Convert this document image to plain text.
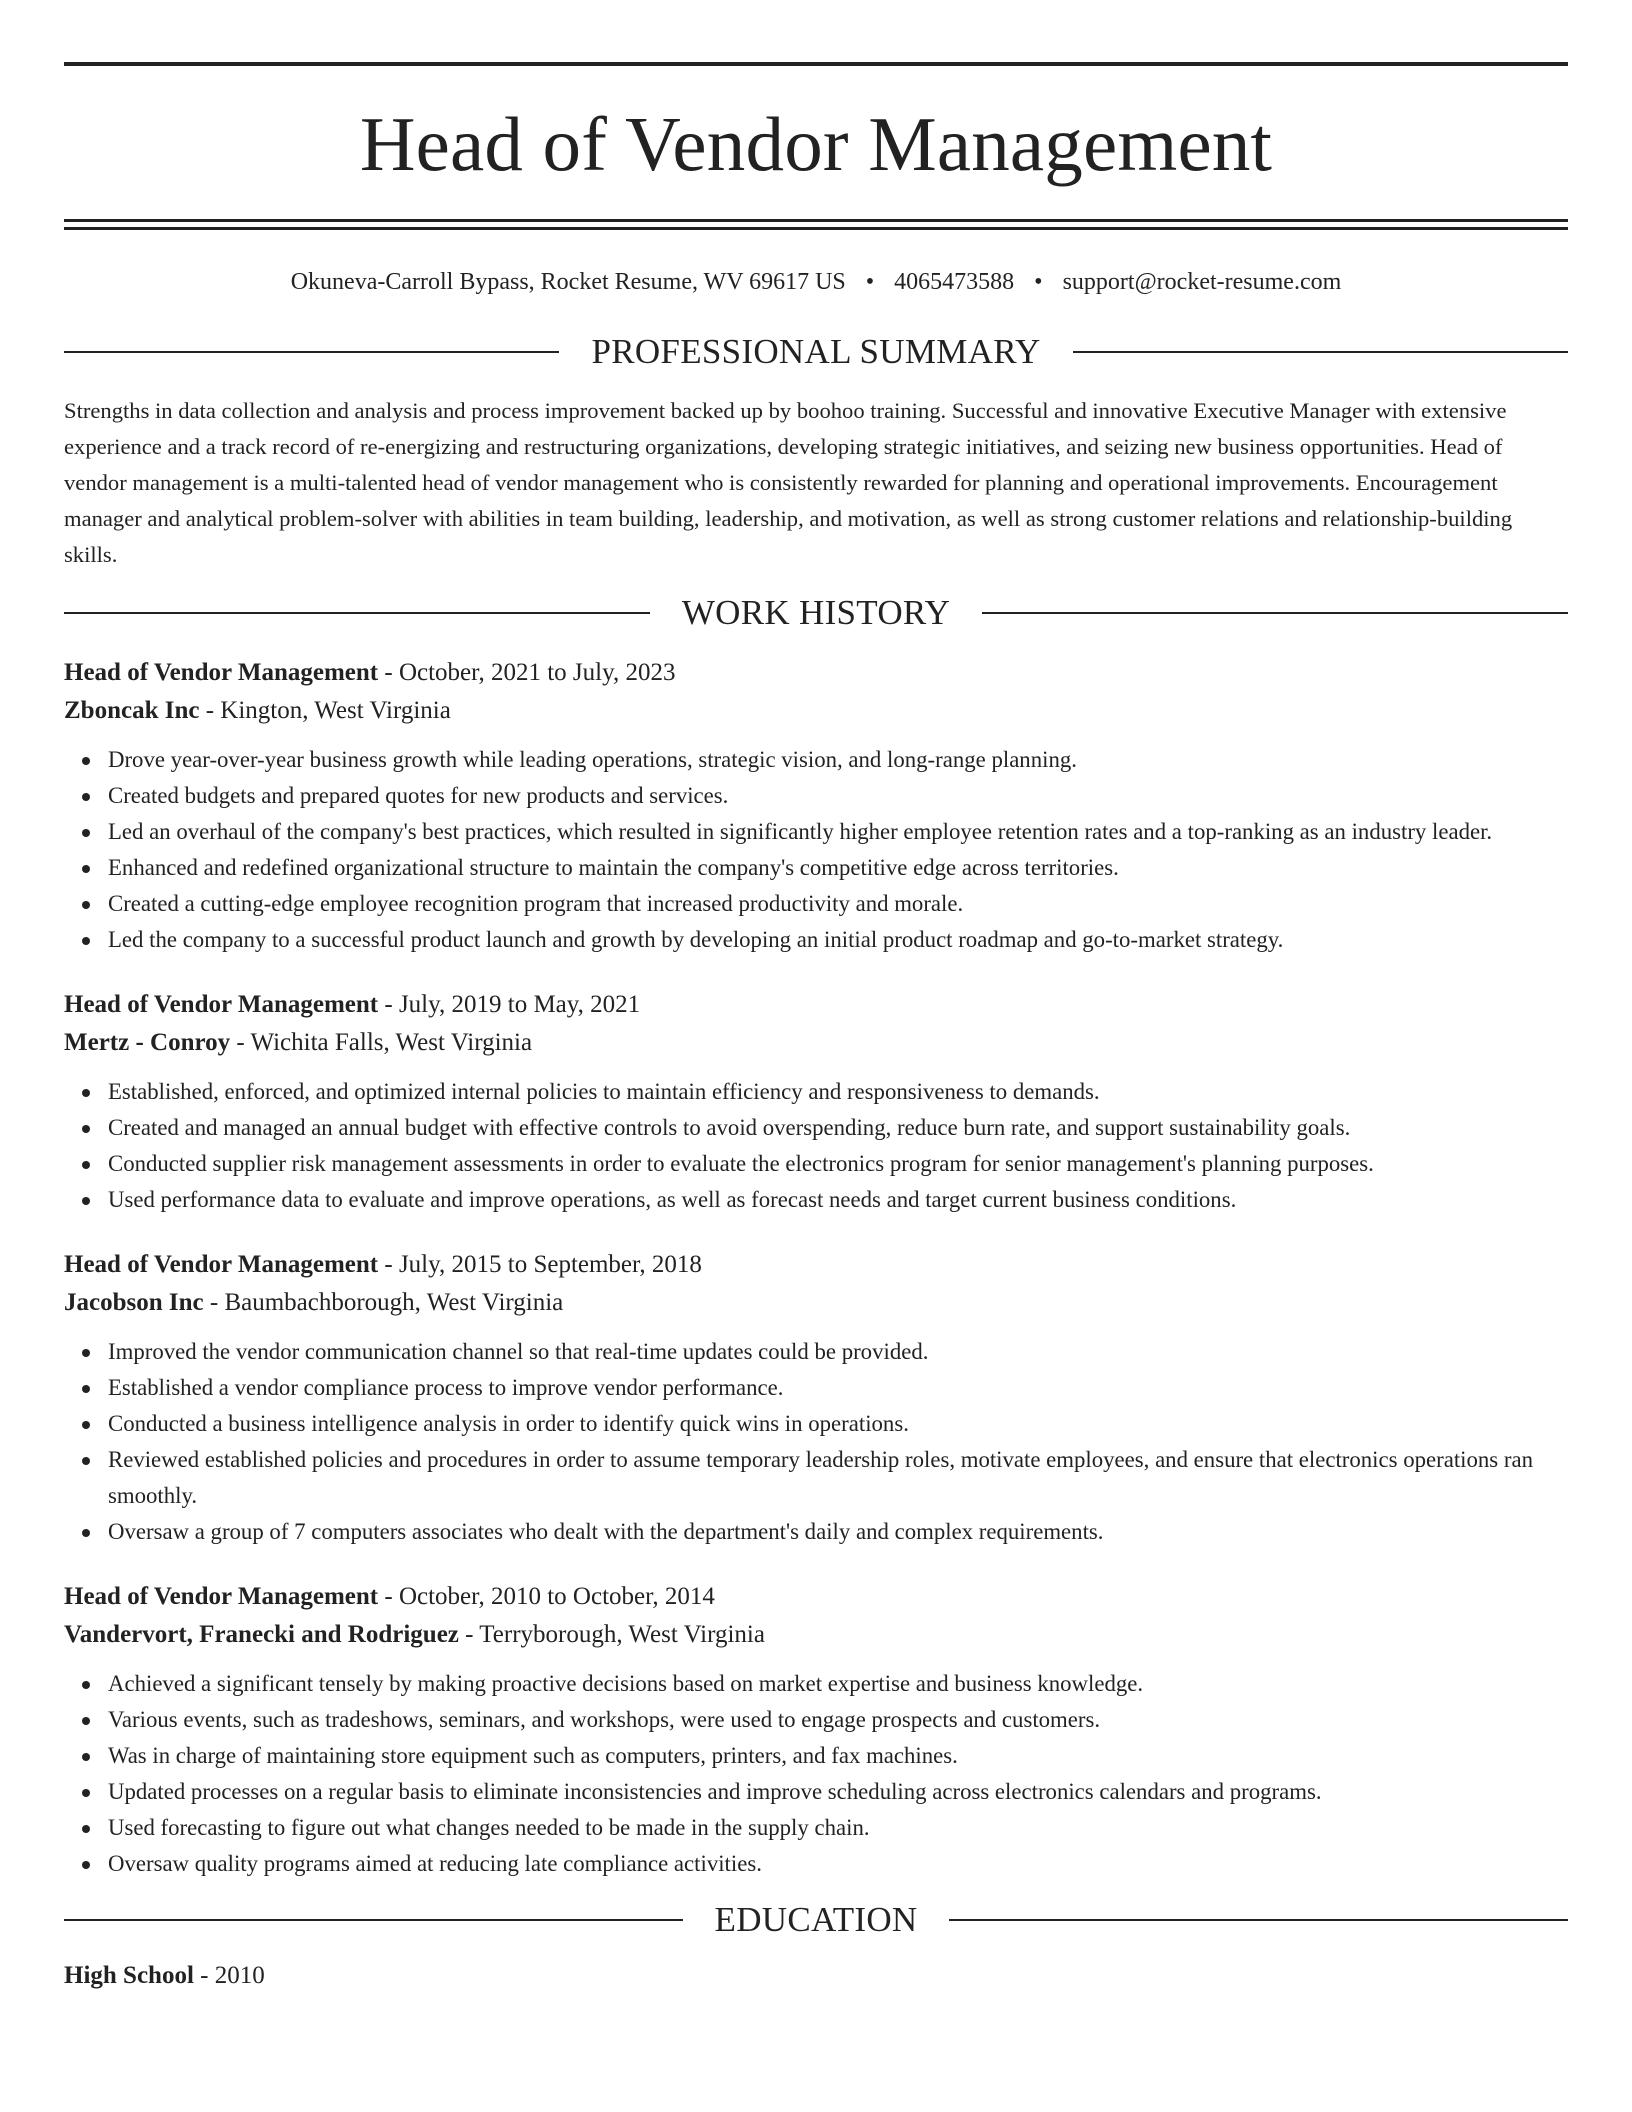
Head of Vendor Management
Okuneva-Carroll Bypass, Rocket Resume, WV 69617 US • 4065473588 • support@rocket-resume.com
PROFESSIONAL SUMMARY
Strengths in data collection and analysis and process improvement backed up by boohoo training. Successful and innovative Executive Manager with extensive experience and a track record of re-energizing and restructuring organizations, developing strategic initiatives, and seizing new business opportunities. Head of vendor management is a multi-talented head of vendor management who is consistently rewarded for planning and operational improvements. Encouragement manager and analytical problem-solver with abilities in team building, leadership, and motivation, as well as strong customer relations and relationship-building skills.
WORK HISTORY
Head of Vendor Management - October, 2021 to July, 2023
Zboncak Inc - Kington, West Virginia
Drove year-over-year business growth while leading operations, strategic vision, and long-range planning.
Created budgets and prepared quotes for new products and services.
Led an overhaul of the company's best practices, which resulted in significantly higher employee retention rates and a top-ranking as an industry leader.
Enhanced and redefined organizational structure to maintain the company's competitive edge across territories.
Created a cutting-edge employee recognition program that increased productivity and morale.
Led the company to a successful product launch and growth by developing an initial product roadmap and go-to-market strategy.
Head of Vendor Management - July, 2019 to May, 2021
Mertz - Conroy - Wichita Falls, West Virginia
Established, enforced, and optimized internal policies to maintain efficiency and responsiveness to demands.
Created and managed an annual budget with effective controls to avoid overspending, reduce burn rate, and support sustainability goals.
Conducted supplier risk management assessments in order to evaluate the electronics program for senior management's planning purposes.
Used performance data to evaluate and improve operations, as well as forecast needs and target current business conditions.
Head of Vendor Management - July, 2015 to September, 2018
Jacobson Inc - Baumbachborough, West Virginia
Improved the vendor communication channel so that real-time updates could be provided.
Established a vendor compliance process to improve vendor performance.
Conducted a business intelligence analysis in order to identify quick wins in operations.
Reviewed established policies and procedures in order to assume temporary leadership roles, motivate employees, and ensure that electronics operations ran smoothly.
Oversaw a group of 7 computers associates who dealt with the department's daily and complex requirements.
Head of Vendor Management - October, 2010 to October, 2014
Vandervort, Franecki and Rodriguez - Terryborough, West Virginia
Achieved a significant tensely by making proactive decisions based on market expertise and business knowledge.
Various events, such as tradeshows, seminars, and workshops, were used to engage prospects and customers.
Was in charge of maintaining store equipment such as computers, printers, and fax machines.
Updated processes on a regular basis to eliminate inconsistencies and improve scheduling across electronics calendars and programs.
Used forecasting to figure out what changes needed to be made in the supply chain.
Oversaw quality programs aimed at reducing late compliance activities.
EDUCATION
High School - 2010
